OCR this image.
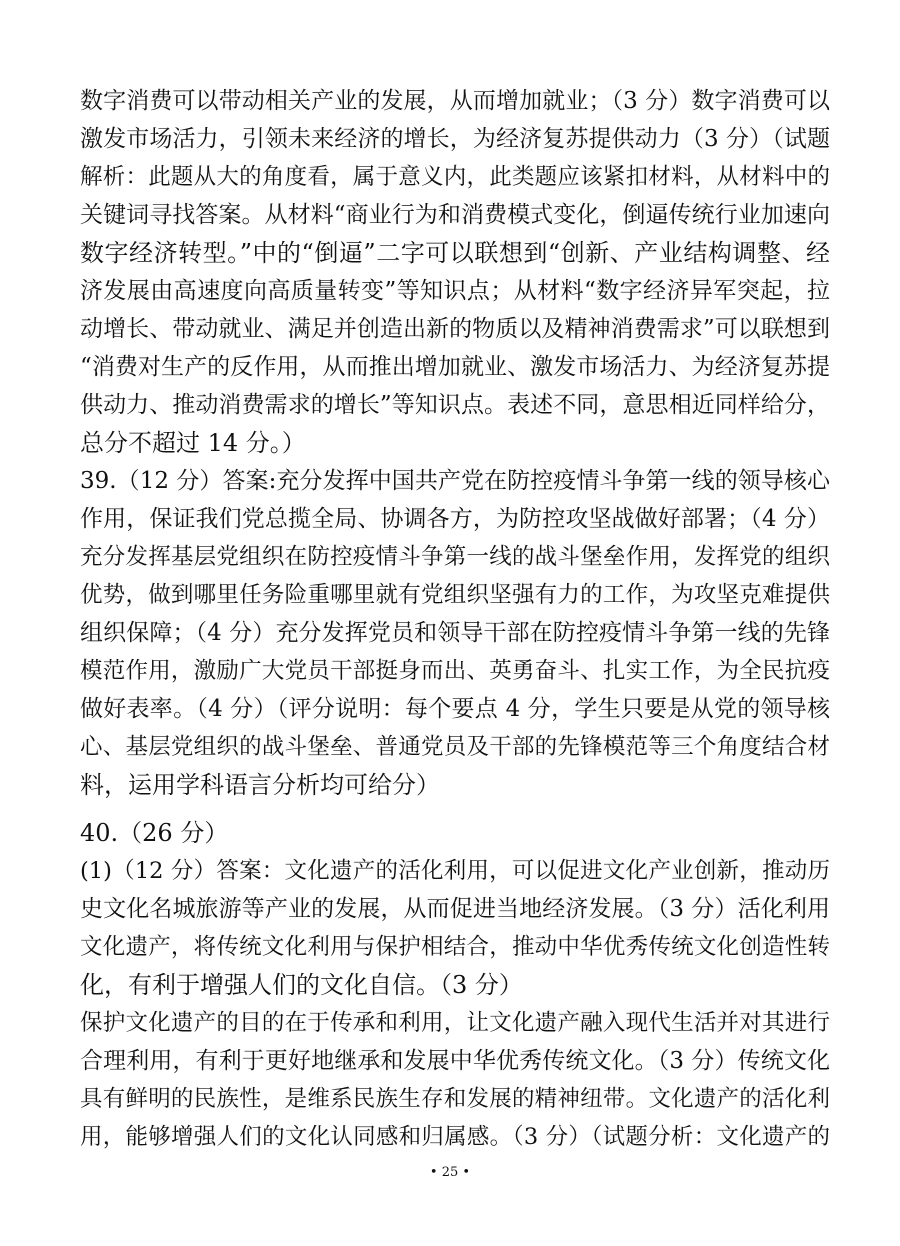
数字消费可以带动相关产业的发展，从而增加就业；（3 分）数字消费可以
激发市场活力，引领未来经济的增长，为经济复苏提供动力（3 分）（试题
解析：此题从大的角度看，属于意义内，此类题应该紧扣材料，从材料中的
关键词寻找答案。从材料“商业行为和消费模式变化，倒逼传统行业加速向
数字经济转型。”中的“倒逼”二字可以联想到“创新、产业结构调整、经
济发展由高速度向高质量转变”等知识点；从材料“数字经济异军突起，拉
动增长、带动就业、满足并创造出新的物质以及精神消费需求”可以联想到
“消费对生产的反作用，从而推出增加就业、激发市场活力、为经济复苏提
供动力、推动消费需求的增长”等知识点。表述不同，意思相近同样给分，
总分不超过 14 分。）
39.（12 分）答案:充分发挥中国共产党在防控疫情斗争第一线的领导核心
作用，保证我们党总揽全局、协调各方，为防控攻坚战做好部署；（4 分）
充分发挥基层党组织在防控疫情斗争第一线的战斗堡垒作用，发挥党的组织
优势，做到哪里任务险重哪里就有党组织坚强有力的工作，为攻坚克难提供
组织保障；（4 分）充分发挥党员和领导干部在防控疫情斗争第一线的先锋
模范作用，激励广大党员干部挺身而出、英勇奋斗、扎实工作，为全民抗疫
做好表率。（4 分）（评分说明：每个要点 4 分，学生只要是从党的领导核
心、基层党组织的战斗堡垒、普通党员及干部的先锋模范等三个角度结合材
料，运用学科语言分析均可给分）
40.（26 分）
(1)（12 分）答案：文化遗产的活化利用，可以促进文化产业创新，推动历
史文化名城旅游等产业的发展，从而促进当地经济发展。（3 分）活化利用
文化遗产，将传统文化利用与保护相结合，推动中华优秀传统文化创造性转
化，有利于增强人们的文化自信。（3 分）
保护文化遗产的目的在于传承和利用，让文化遗产融入现代生活并对其进行
合理利用，有利于更好地继承和发展中华优秀传统文化。（3 分）传统文化
具有鲜明的民族性，是维系民族生存和发展的精神纽带。文化遗产的活化利
用，能够增强人们的文化认同感和归属感。（3 分）（试题分析：文化遗产的
• 25 •
